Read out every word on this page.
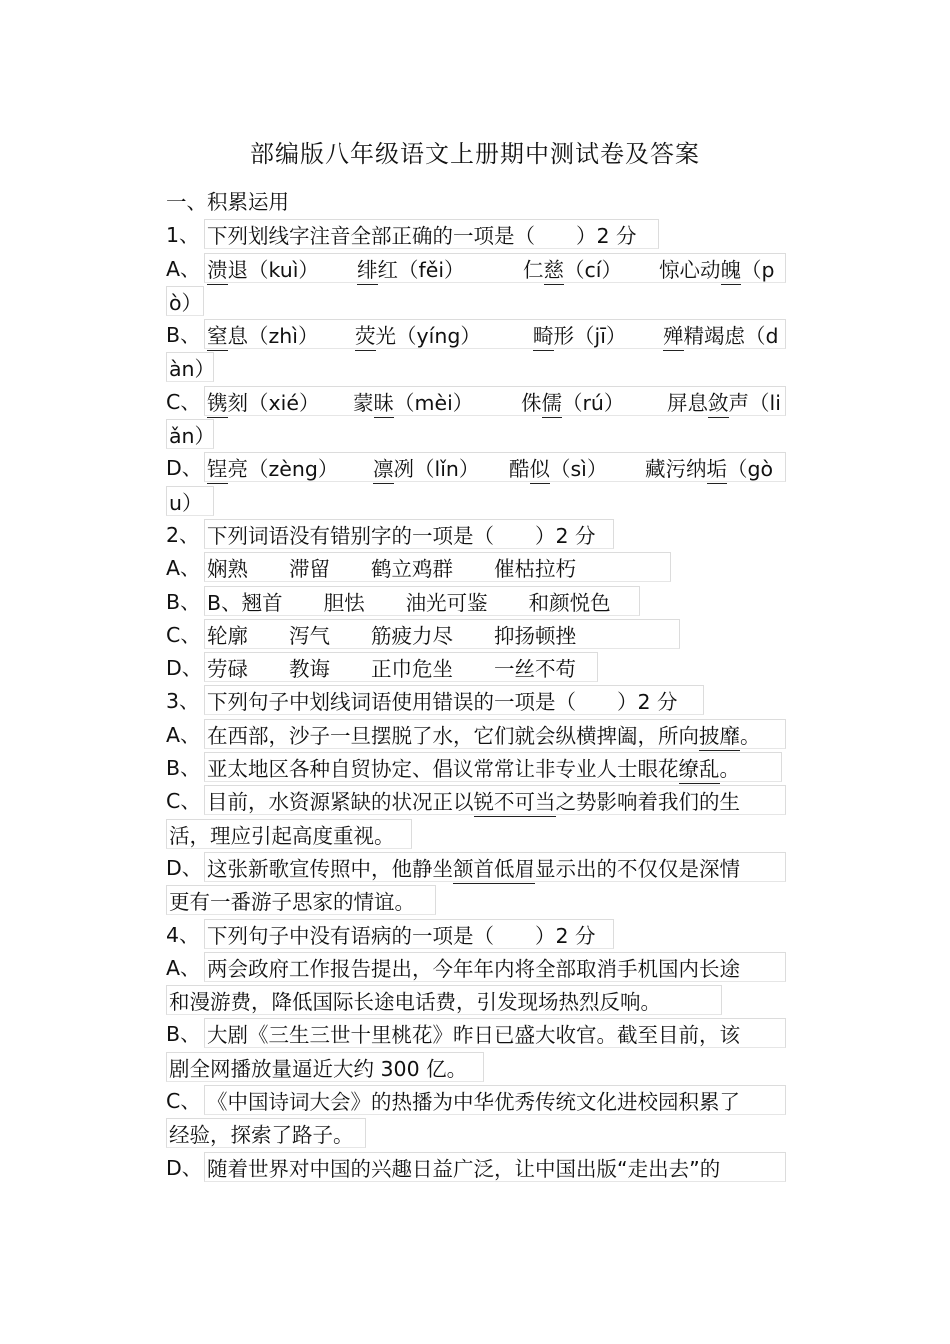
部编版八年级语文上册期中测试卷及答案
一、积累运用
1、 下列划线字注音全部正确的一项是（　　）2 分
A、 溃退（kuì） 绯红（fěi）	仁慈（cí） 惊心动魄（p
ò）
B、 窒息（zhì） 荧光（yíng）	畸形（jī） 殚精竭虑（d
àn）
C、 镌刻（xié） 蒙昧（mèi） 侏儒（rú） 屏息敛声（li
ǎn）
D、 锃亮（zèng） 凛冽（lǐn） 酷似（sì） 藏污纳垢（gò
u）
2、 下列词语没有错别字的一项是（　　）2 分
A、 娴熟　　滞留　　鹤立鸡群　　催枯拉朽
B、 B、翘首　　胆怯　　油光可鉴　　和颜悦色
C、 轮廓　　泻气　　筋疲力尽　　抑扬顿挫
D、 劳碌　　教诲　　正巾危坐　　一丝不苟
3、 下列句子中划线词语使用错误的一项是（　　）2 分
A、 在西部，沙子一旦摆脱了水，它们就会纵横捭阖，所向披靡。
B、 亚太地区各种自贸协定、倡议常常让非专业人士眼花缭乱。
C、 目前，水资源紧缺的状况正以锐不可当之势影响着我们的生
活，理应引起高度重视。
D、 这张新歌宣传照中，他静坐颔首低眉显示出的不仅仅是深情
更有一番游子思家的情谊。
4、 下列句子中没有语病的一项是（　　）2 分
A、 两会政府工作报告提出，今年年内将全部取消手机国内长途
和漫游费，降低国际长途电话费，引发现场热烈反响。
B、 大剧《三生三世十里桃花》昨日已盛大收官。截至目前，该
剧全网播放量逼近大约 300 亿。
C、 《中国诗词大会》的热播为中华优秀传统文化进校园积累了
经验，探索了路子。
D、 随着世界对中国的兴趣日益广泛，让中国出版“走出去”的
